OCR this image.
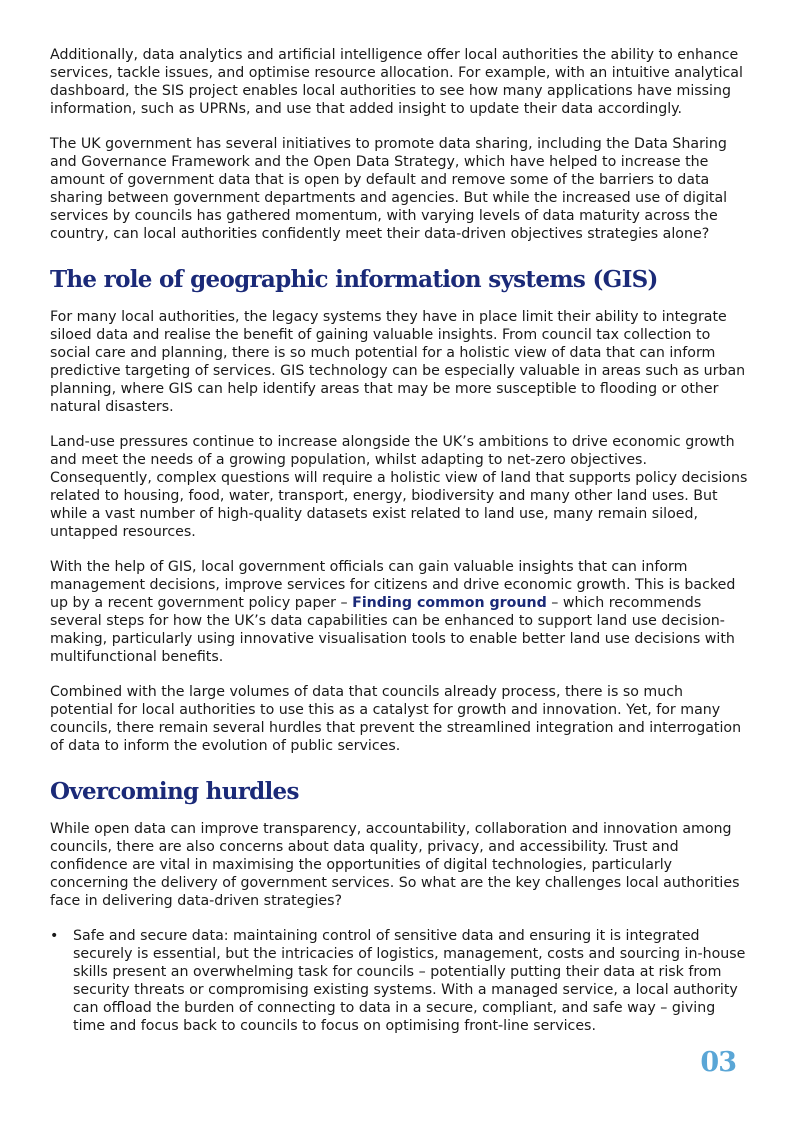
Additionally, data analytics and artificial intelligence offer local authorities the ability to enhance services, tackle issues, and optimise resource allocation. For example, with an intuitive analytical dashboard, the SIS project enables local authorities to see how many applications have missing information, such as UPRNs, and use that added insight to update their data accordingly.

The UK government has several initiatives to promote data sharing, including the Data Sharing and Governance Framework and the Open Data Strategy, which have helped to increase the amount of government data that is open by default and remove some of the barriers to data sharing between government departments and agencies. But while the increased use of digital services by councils has gathered momentum, with varying levels of data maturity across the country, can local authorities confidently meet their data-driven objectives strategies alone?

The role of geographic information systems (GIS)

For many local authorities, the legacy systems they have in place limit their ability to integrate siloed data and realise the benefit of gaining valuable insights. From council tax collection to social care and planning, there is so much potential for a holistic view of data that can inform predictive targeting of services. GIS technology can be especially valuable in areas such as urban planning, where GIS can help identify areas that may be more susceptible to flooding or other natural disasters.

Land-use pressures continue to increase alongside the UK’s ambitions to drive economic growth and meet the needs of a growing population, whilst adapting to net-zero objectives. Consequently, complex questions will require a holistic view of land that supports policy decisions related to housing, food, water, transport, energy, biodiversity and many other land uses. But while a vast number of high-quality datasets exist related to land use, many remain siloed, untapped resources.

With the help of GIS, local government officials can gain valuable insights that can inform management decisions, improve services for citizens and drive economic growth. This is backed up by a recent government policy paper – Finding common ground – which recommends several steps for how the UK’s data capabilities can be enhanced to support land use decision-making, particularly using innovative visualisation tools to enable better land use decisions with multifunctional benefits.

Combined with the large volumes of data that councils already process, there is so much potential for local authorities to use this as a catalyst for growth and innovation. Yet, for many councils, there remain several hurdles that prevent the streamlined integration and interrogation of data to inform the evolution of public services.

Overcoming hurdles

While open data can improve transparency, accountability, collaboration and innovation among councils, there are also concerns about data quality, privacy, and accessibility. Trust and confidence are vital in maximising the opportunities of digital technologies, particularly concerning the delivery of government services. So what are the key challenges local authorities face in delivering data-driven strategies?

• Safe and secure data: maintaining control of sensitive data and ensuring it is integrated securely is essential, but the intricacies of logistics, management, costs and sourcing in-house skills present an overwhelming task for councils – potentially putting their data at risk from security threats or compromising existing systems. With a managed service, a local authority can offload the burden of connecting to data in a secure, compliant, and safe way – giving time and focus back to councils to focus on optimising front-line services.
03
